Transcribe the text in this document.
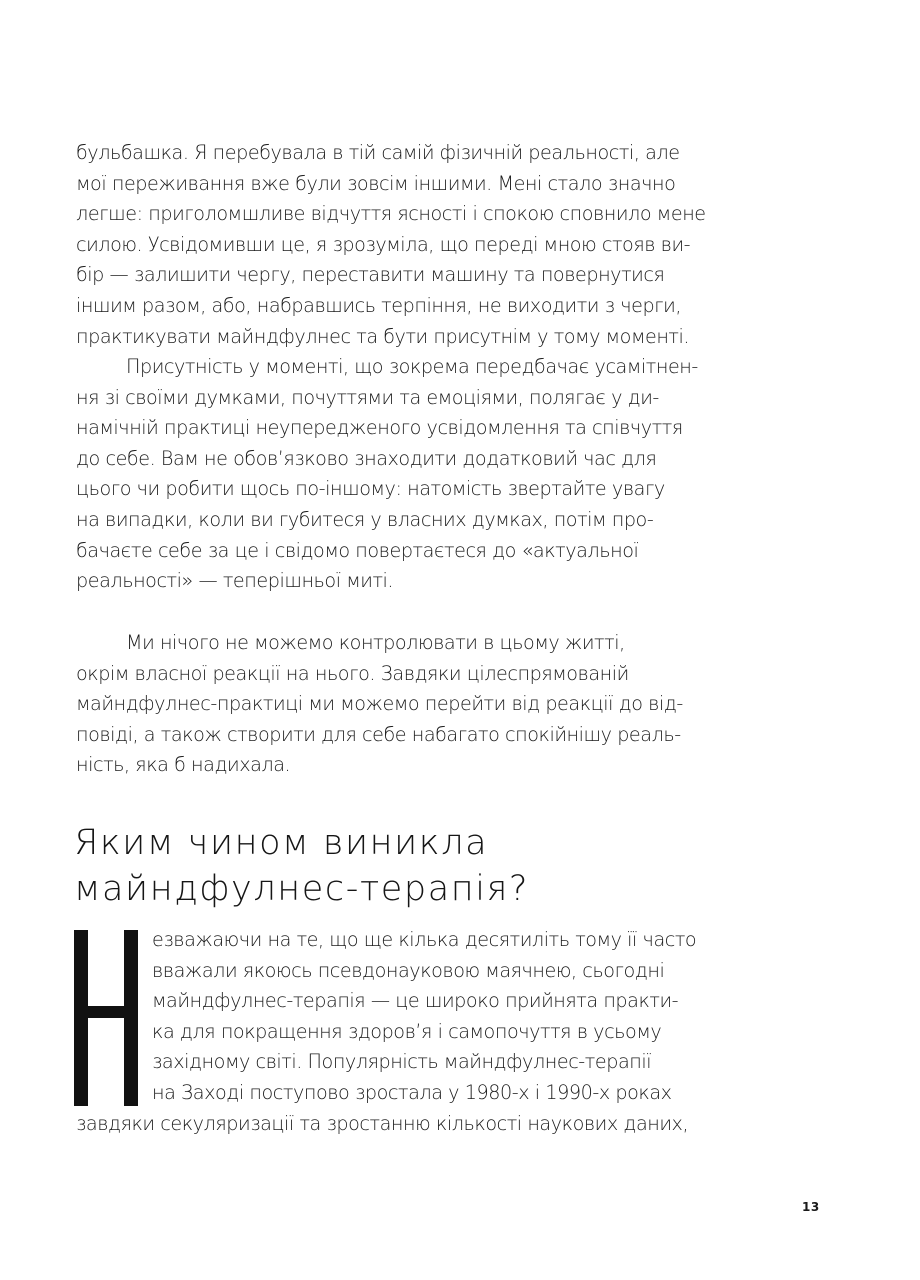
бульбашка. Я перебувала в тій самій фізичній реальності, але
мої переживання вже були зовсім іншими. Мені стало значно
легше: приголомшливе відчуття ясності і спокою сповнило мене
силою. Усвідомивши це, я зрозуміла, що переді мною стояв ви-
бір — залишити чергу, переставити машину та повернутися
іншим разом, або, набравшись терпіння, не виходити з черги,
практикувати майндфулнес та бути присутнім у тому моменті.
Присутність у моменті, що зокрема передбачає усамітнен-
ня зі своїми думками, почуттями та емоціями, полягає у ди-
намічній практиці неупередженого усвідомлення та співчуття
до себе. Вам не обов’язково знаходити додатковий час для
цього чи робити щось по-іншому: натомість звертайте увагу
на випадки, коли ви губитеся у власних думках, потім про-
бачаєте себе за це і свідомо повертаєтеся до «актуальної
реальності» — теперішньої миті.
Ми нічого не можемо контролювати в цьому житті,
окрім власної реакції на нього. Завдяки цілеспрямованій
майндфулнес-практиці ми можемо перейти від реакції до від-
повіді, а також створити для себе набагато спокійнішу реаль-
ність, яка б надихала.
Яким чином виникла
майндфулнес-терапія?
езважаючи на те, що ще кілька десятиліть тому її часто
вважали якоюсь псевдонауковою маячнею, сьогодні
майндфулнес-терапія — це широко прийнята практи-
ка для покращення здоров’я і самопочуття в усьому
західному світі. Популярність майндфулнес-терапії
на Заході поступово зростала у 1980-х і 1990-х роках
завдяки секуляризації та зростанню кількості наукових даних,
13
